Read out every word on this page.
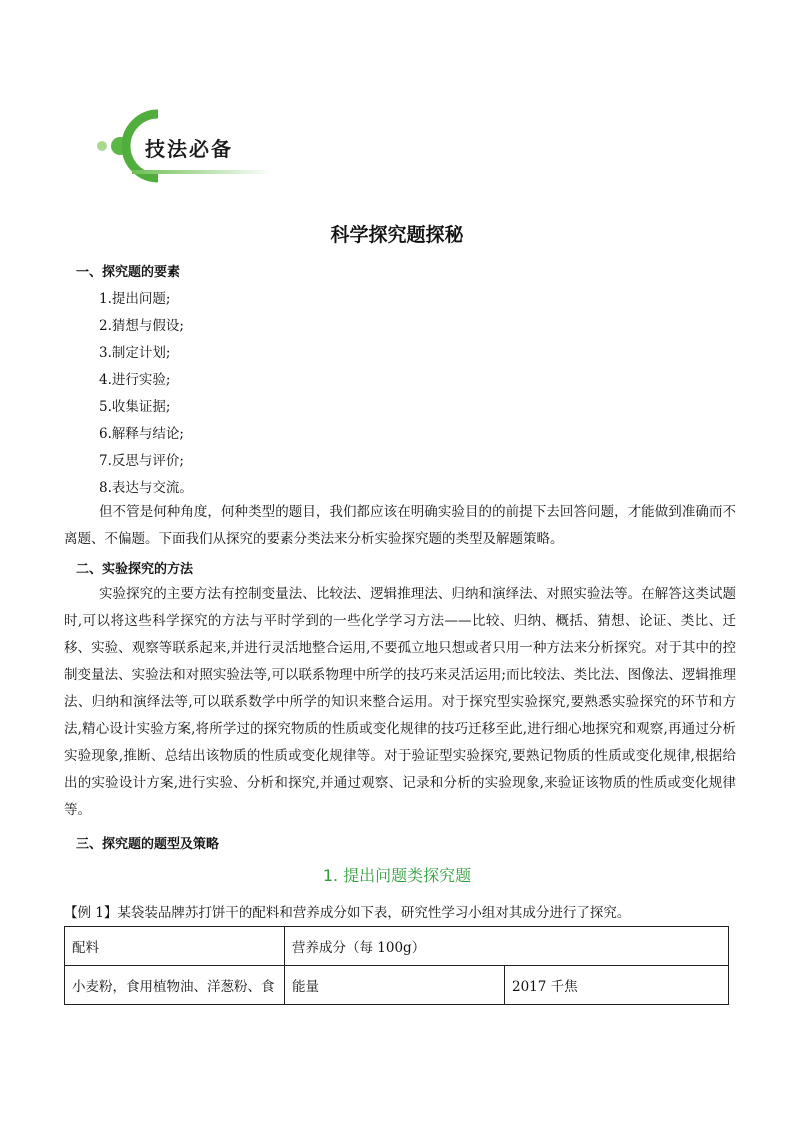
技法必备
科学探究题探秘
一、探究题的要素
1.提出问题;
2.猜想与假设;
3.制定计划;
4.进行实验;
5.收集证据;
6.解释与结论;
7.反思与评价;
8.表达与交流。

但不管是何种角度，何种类型的题目，我们都应该在明确实验目的的前提下去回答问题，才能做到准确而不离题、不偏题。下面我们从探究的要素分类法来分析实验探究题的类型及解题策略。

二、实验探究的方法

实验探究的主要方法有控制变量法、比较法、逻辑推理法、归纳和演绎法、对照实验法等。在解答这类试题时,可以将这些科学探究的方法与平时学到的一些化学学习方法——比较、归纳、概括、猜想、论证、类比、迁移、实验、观察等联系起来,并进行灵活地整合运用,不要孤立地只想或者只用一种方法来分析探究。对于其中的控制变量法、实验法和对照实验法等,可以联系物理中所学的技巧来灵活运用;而比较法、类比法、图像法、逻辑推理法、归纳和演绎法等,可以联系数学中所学的知识来整合运用。对于探究型实验探究,要熟悉实验探究的环节和方法,精心设计实验方案,将所学过的探究物质的性质或变化规律的技巧迁移至此,进行细心地探究和观察,再通过分析实验现象,推断、总结出该物质的性质或变化规律等。对于验证型实验探究,要熟记物质的性质或变化规律,根据给出的实验设计方案,进行实验、分析和探究,并通过观察、记录和分析的实验现象,来验证该物质的性质或变化规律等。

三、探究题的题型及策略
1. 提出问题类探究题
【例 1】某袋装品牌苏打饼干的配料和营养成分如下表，研究性学习小组对其成分进行了探究。
配料	营养成分（每 100g）	
小麦粉，食用植物油、洋葱粉、食	能量	2017 千焦
